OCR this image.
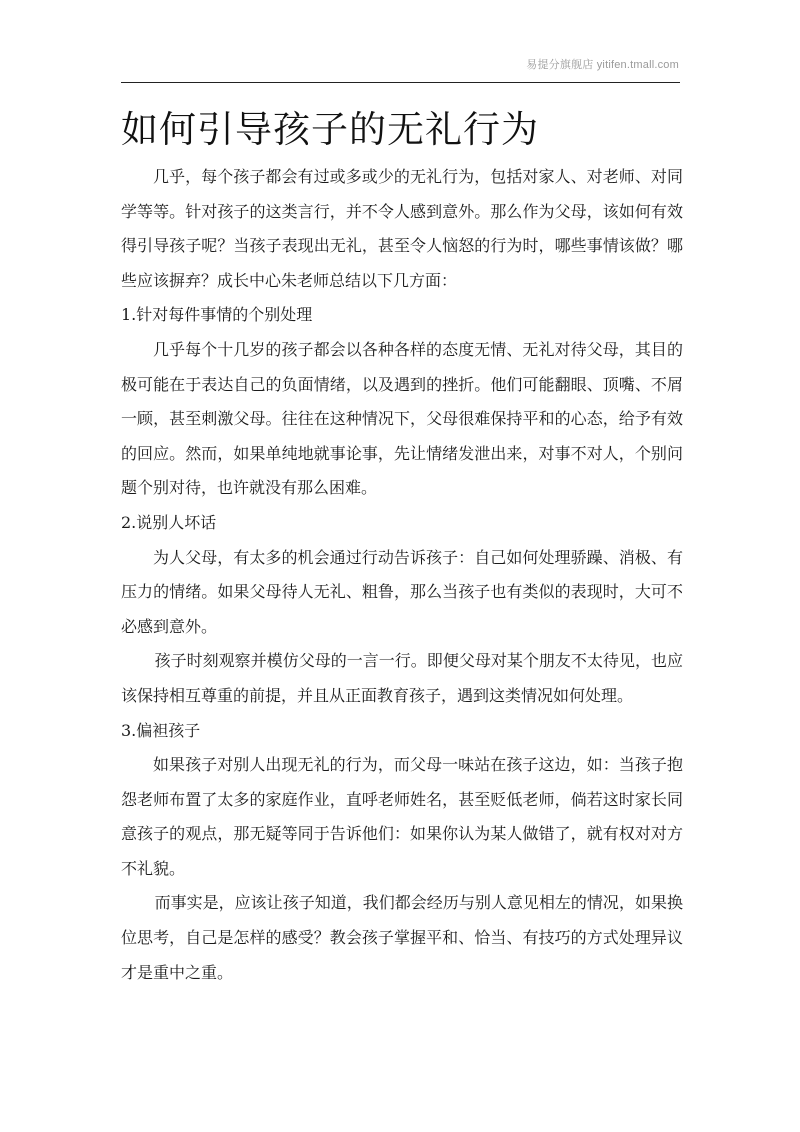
易提分旗舰店 yitifen.tmall.com
如何引导孩子的无礼行为

几乎，每个孩子都会有过或多或少的无礼行为，包括对家人、对老师、对同学等等。针对孩子的这类言行，并不令人感到意外。那么作为父母，该如何有效得引导孩子呢？当孩子表现出无礼，甚至令人恼怒的行为时，哪些事情该做？哪些应该摒弃？成长中心朱老师总结以下几方面：

1.针对每件事情的个别处理

几乎每个十几岁的孩子都会以各种各样的态度无情、无礼对待父母，其目的极可能在于表达自己的负面情绪，以及遇到的挫折。他们可能翻眼、顶嘴、不屑一顾，甚至刺激父母。往往在这种情况下，父母很难保持平和的心态，给予有效的回应。然而，如果单纯地就事论事，先让情绪发泄出来，对事不对人，个别问题个别对待，也许就没有那么困难。

2.说别人坏话

为人父母，有太多的机会通过行动告诉孩子：自己如何处理骄躁、消极、有压力的情绪。如果父母待人无礼、粗鲁，那么当孩子也有类似的表现时，大可不必感到意外。

孩子时刻观察并模仿父母的一言一行。即便父母对某个朋友不太待见，也应该保持相互尊重的前提，并且从正面教育孩子，遇到这类情况如何处理。

3.偏袒孩子

如果孩子对别人出现无礼的行为，而父母一味站在孩子这边，如：当孩子抱怨老师布置了太多的家庭作业，直呼老师姓名，甚至贬低老师，倘若这时家长同意孩子的观点，那无疑等同于告诉他们：如果你认为某人做错了，就有权对对方不礼貌。

而事实是，应该让孩子知道，我们都会经历与别人意见相左的情况，如果换位思考，自己是怎样的感受？教会孩子掌握平和、恰当、有技巧的方式处理异议才是重中之重。
